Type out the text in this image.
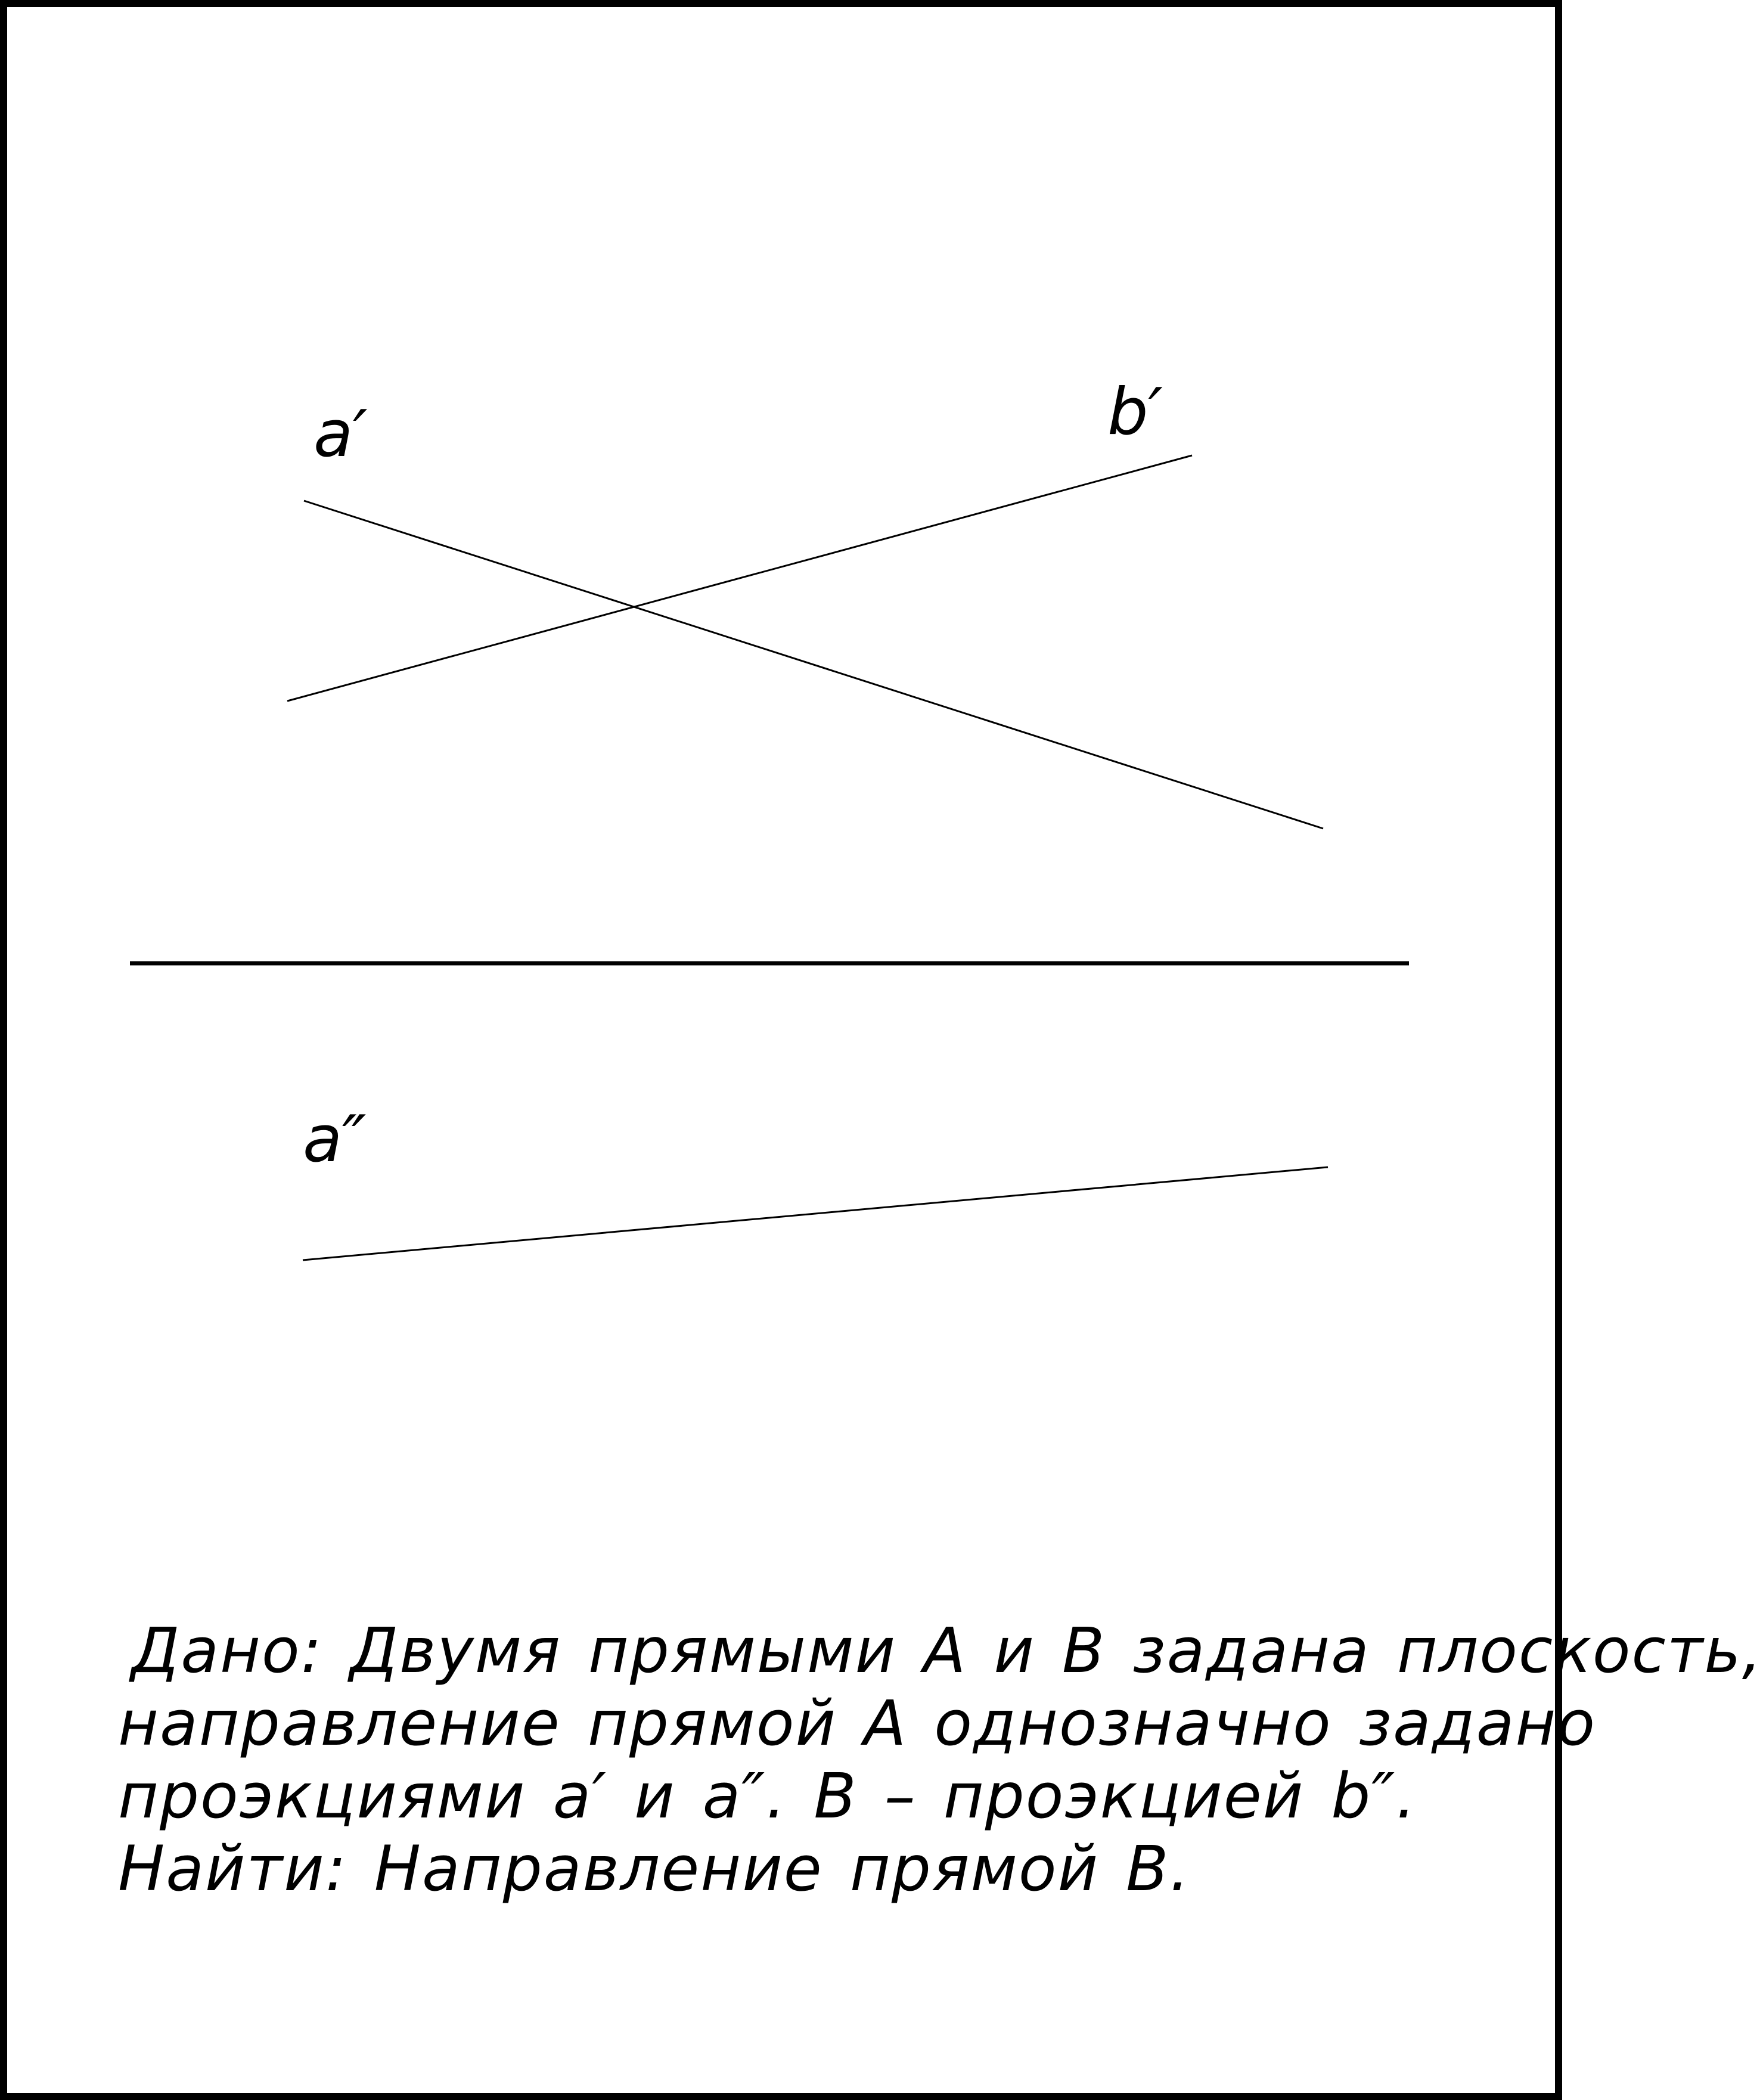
a′	b′
a″
Дано: Двумя прямыми А и В задана плоскость,
направление прямой А однозначно задано
проэкциями a′ и a″. В – проэкцией b″.
Найти: Направление прямой В.
